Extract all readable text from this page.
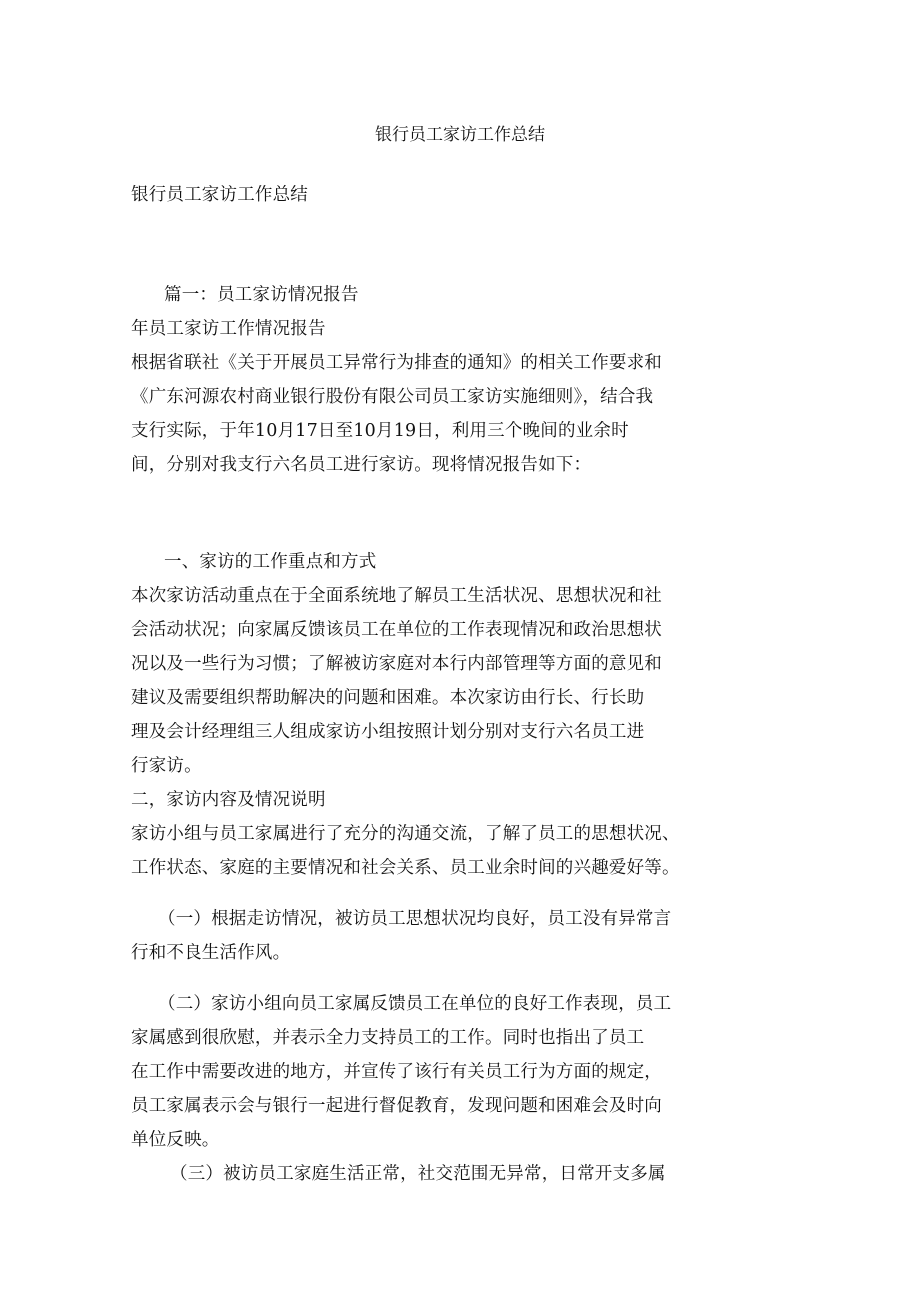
银行员工家访工作总结
银行员工家访工作总结
篇一：员工家访情况报告
年员工家访工作情况报告
根据省联社《关于开展员工异常行为排查的通知》的相关工作要求和
《广东河源农村商业银行股份有限公司员工家访实施细则》，结合我
支行实际，于年10月17日至10月19日，利用三个晚间的业余时
间，分别对我支行六名员工进行家访。现将情况报告如下：
一、家访的工作重点和方式
本次家访活动重点在于全面系统地了解员工生活状况、思想状况和社
会活动状况；向家属反馈该员工在单位的工作表现情况和政治思想状
况以及一些行为习惯；了解被访家庭对本行内部管理等方面的意见和
建议及需要组织帮助解决的问题和困难。本次家访由行长、行长助
理及会计经理组三人组成家访小组按照计划分别对支行六名员工进
行家访。
二，家访内容及情况说明
家访小组与员工家属进行了充分的沟通交流，了解了员工的思想状况、
工作状态、家庭的主要情况和社会关系、员工业余时间的兴趣爱好等。
（一）根据走访情况，被访员工思想状况均良好，员工没有异常言
行和不良生活作风。
（二）家访小组向员工家属反馈员工在单位的良好工作表现，员工
家属感到很欣慰，并表示全力支持员工的工作。同时也指出了员工
在工作中需要改进的地方，并宣传了该行有关员工行为方面的规定，
员工家属表示会与银行一起进行督促教育，发现问题和困难会及时向
单位反映。
（三）被访员工家庭生活正常，社交范围无异常，日常开支多属
